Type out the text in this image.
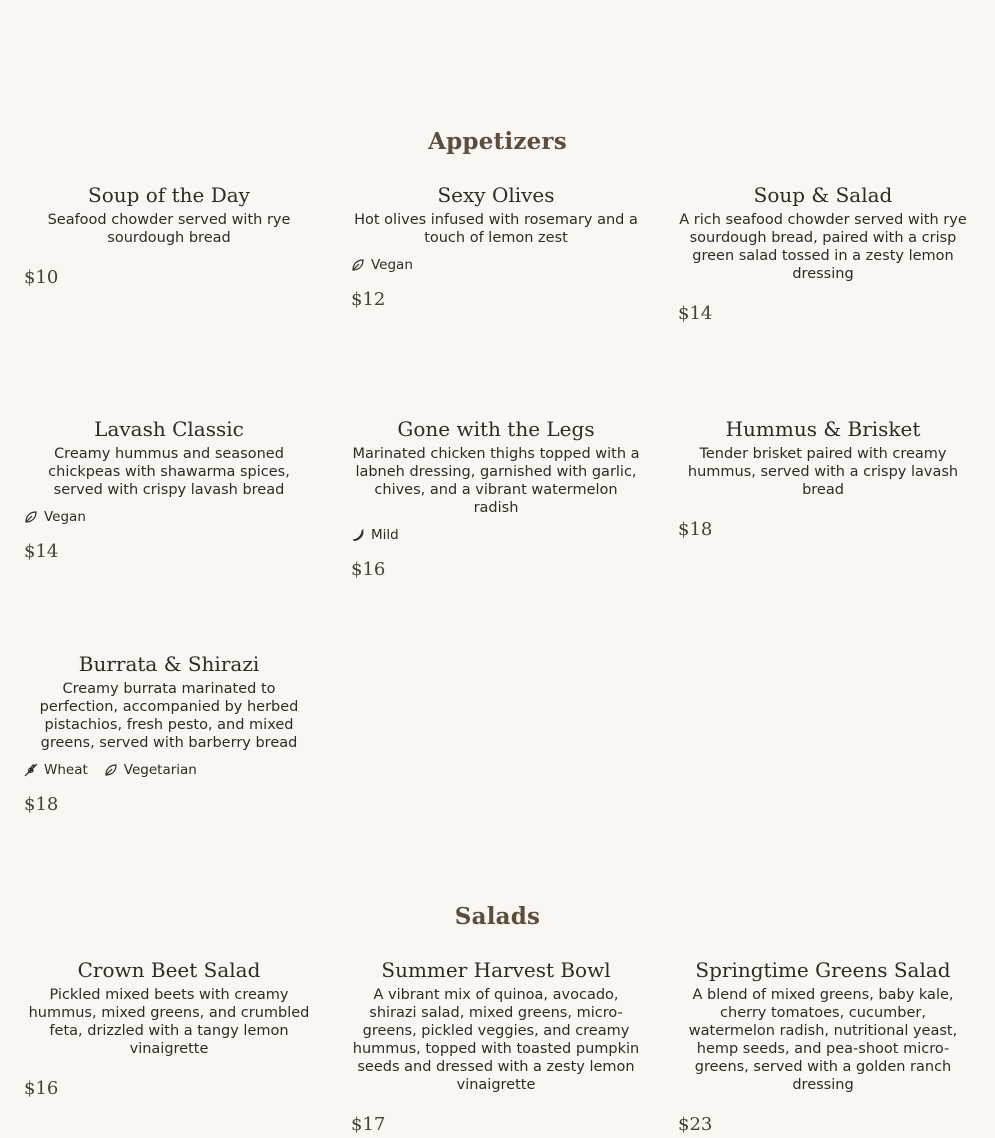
Appetizers
Soup of the Day

Seafood chowder served with rye sourdough bread

$10
Sexy Olives

Hot olives infused with rosemary and a touch of lemon zest

Vegan
$12
Soup & Salad

A rich seafood chowder served with rye sourdough bread, paired with a crisp green salad tossed in a zesty lemon dressing

$14
Lavash Classic

Creamy hummus and seasoned chickpeas with shawarma spices, served with crispy lavash bread

Vegan
$14
Gone with the Legs

Marinated chicken thighs topped with a labneh dressing, garnished with garlic, chives, and a vibrant watermelon radish

Mild
$16
Hummus & Brisket

Tender brisket paired with creamy hummus, served with a crispy lavash bread

$18
Burrata & Shirazi

Creamy burrata marinated to perfection, accompanied by herbed pistachios, fresh pesto, and mixed greens, served with barberry bread

Wheat	Vegetarian
$18
Salads
Crown Beet Salad

Pickled mixed beets with creamy hummus, mixed greens, and crumbled feta, drizzled with a tangy lemon vinaigrette

$16
Summer Harvest Bowl

A vibrant mix of quinoa, avocado, shirazi salad, mixed greens, micro-greens, pickled veggies, and creamy hummus, topped with toasted pumpkin seeds and dressed with a zesty lemon vinaigrette

$17
Springtime Greens Salad

A blend of mixed greens, baby kale, cherry tomatoes, cucumber, watermelon radish, nutritional yeast, hemp seeds, and pea-shoot micro-greens, served with a golden ranch dressing

$23
